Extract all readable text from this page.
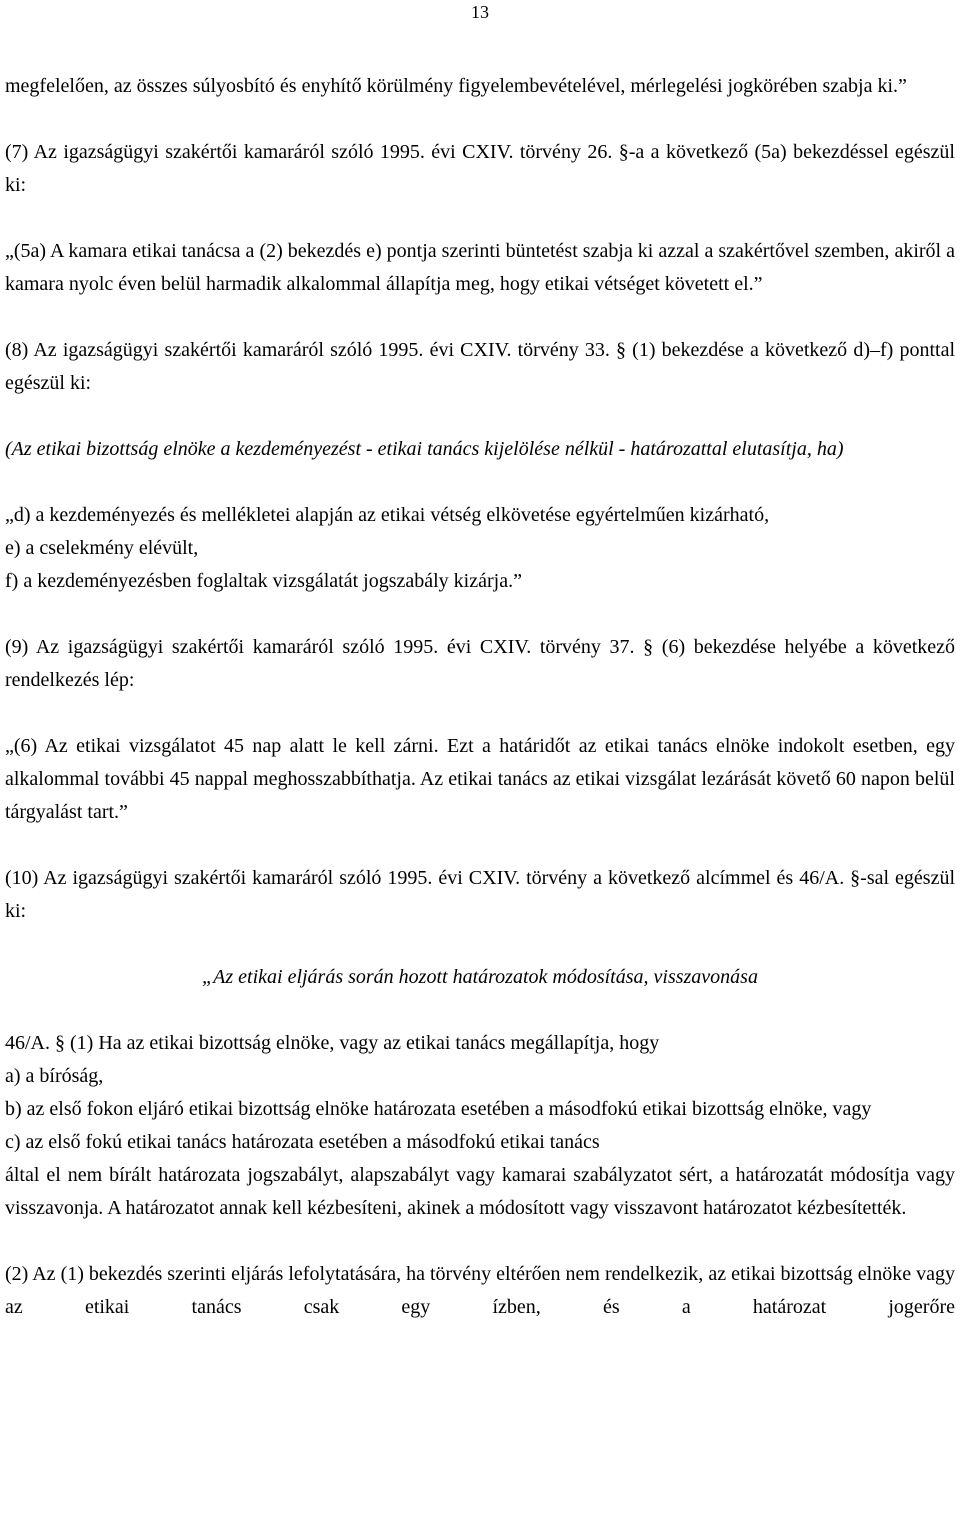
13

megfelelően, az összes súlyosbító és enyhítő körülmény figyelembevételével, mérlegelési jogkörében szabja ki.”

(7) Az igazságügyi szakértői kamaráról szóló 1995. évi CXIV. törvény 26. §-a a következő (5a) bekezdéssel egészül ki:

„(5a) A kamara etikai tanácsa a (2) bekezdés e) pontja szerinti büntetést szabja ki azzal a szakértővel szemben, akiről a kamara nyolc éven belül harmadik alkalommal állapítja meg, hogy etikai vétséget követett el.”

(8) Az igazságügyi szakértői kamaráról szóló 1995. évi CXIV. törvény 33. § (1) bekezdése a következő d)–f) ponttal egészül ki:

(Az etikai bizottság elnöke a kezdeményezést - etikai tanács kijelölése nélkül - határozattal elutasítja, ha)

„d) a kezdeményezés és mellékletei alapján az etikai vétség elkövetése egyértelműen kizárható,

e) a cselekmény elévült,

f) a kezdeményezésben foglaltak vizsgálatát jogszabály kizárja.”

(9) Az igazságügyi szakértői kamaráról szóló 1995. évi CXIV. törvény 37. § (6) bekezdése helyébe a következő rendelkezés lép:

„(6) Az etikai vizsgálatot 45 nap alatt le kell zárni. Ezt a határidőt az etikai tanács elnöke indokolt esetben, egy alkalommal további 45 nappal meghosszabbíthatja. Az etikai tanács az etikai vizsgálat lezárását követő 60 napon belül tárgyalást tart.”

(10) Az igazságügyi szakértői kamaráról szóló 1995. évi CXIV. törvény a következő alcímmel és 46/A. §-sal egészül ki:

„Az etikai eljárás során hozott határozatok módosítása, visszavonása

46/A. § (1) Ha az etikai bizottság elnöke, vagy az etikai tanács megállapítja, hogy

a) a bíróság,

b) az első fokon eljáró etikai bizottság elnöke határozata esetében a másodfokú etikai bizottság elnöke, vagy

c) az első fokú etikai tanács határozata esetében a másodfokú etikai tanács

által el nem bírált határozata jogszabályt, alapszabályt vagy kamarai szabályzatot sért, a határozatát módosítja vagy visszavonja. A határozatot annak kell kézbesíteni, akinek a módosított vagy visszavont határozatot kézbesítették.

(2) Az (1) bekezdés szerinti eljárás lefolytatására, ha törvény eltérően nem rendelkezik, az etikai bizottság elnöke vagy az etikai tanács csak egy ízben, és a határozat jogerőre
